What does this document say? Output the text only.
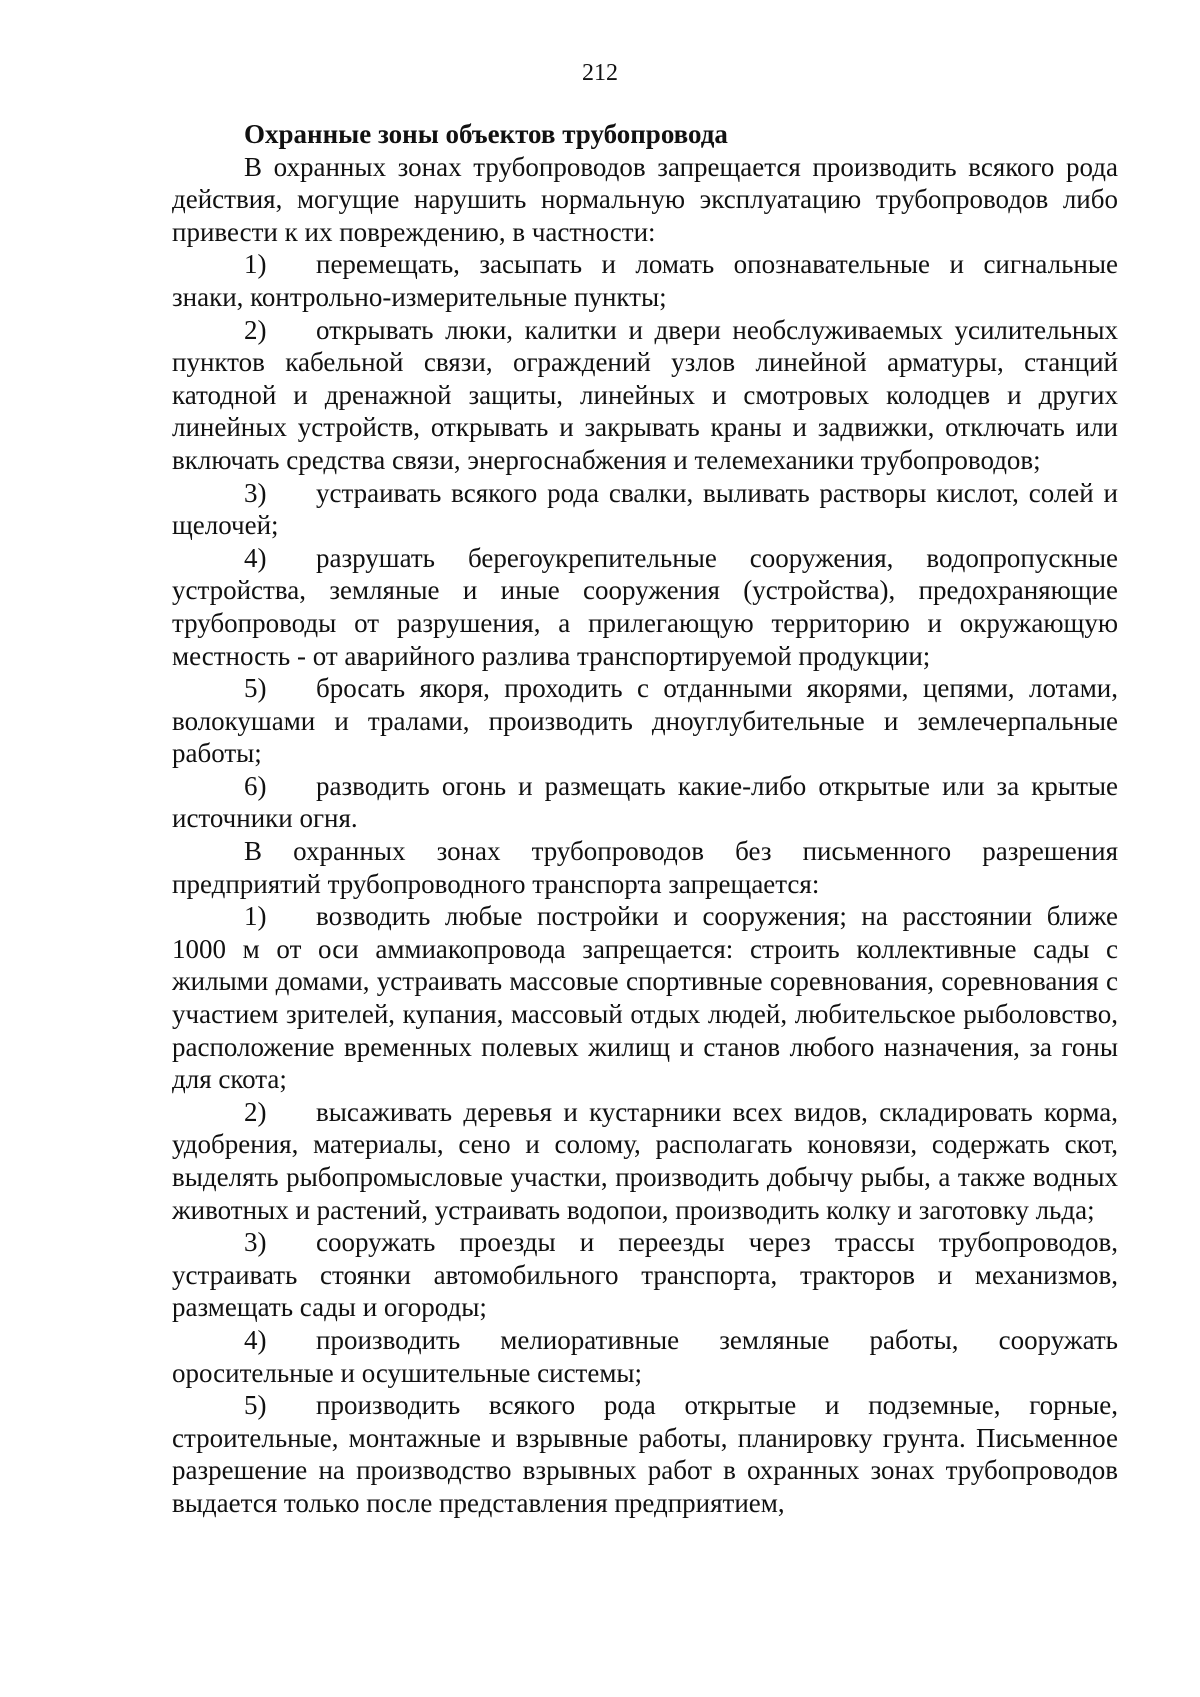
212

Охранные зоны объектов трубопровода

В охранных зонах трубопроводов запрещается производить всякого рода действия, могущие нарушить нормальную эксплуатацию трубопроводов либо привести к их повреждению, в частности:

1) перемещать, засыпать и ломать опознавательные и сигнальные знаки, контрольно-измерительные пункты;

2) открывать люки, калитки и двери необслуживаемых усилительных пунктов кабельной связи, ограждений узлов линейной арматуры, станций катодной и дренажной защиты, линейных и смотровых колодцев и других линейных устройств, открывать и закрывать краны и задвижки, отключать или включать средства связи, энергоснабжения и телемеханики трубопроводов;

3) устраивать всякого рода свалки, выливать растворы кислот, солей и щелочей;

4) разрушать берегоукрепительные сооружения, водопропускные устройства, земляные и иные сооружения (устройства), предохраняющие трубопроводы от разрушения, а прилегающую территорию и окружающую местность - от аварийного разлива транспортируемой продукции;

5) бросать якоря, проходить с отданными якорями, цепями, лотами, волокушами и тралами, производить дноуглубительные и землечерпальные работы;

6) разводить огонь и размещать какие-либо открытые или за крытые источники огня.

В охранных зонах трубопроводов без письменного разрешения предприятий трубопроводного транспорта запрещается:

1) возводить любые постройки и сооружения; на расстоянии ближе 1000 м от оси аммиакопровода запрещается: строить коллективные сады с жилыми домами, устраивать массовые спортивные соревнования, соревнования с участием зрителей, купания, массовый отдых людей, любительское рыболовство, расположение временных полевых жилищ и станов любого назначения, за гоны для скота;

2) высаживать деревья и кустарники всех видов, складировать корма, удобрения, материалы, сено и солому, располагать коновязи, содержать скот, выделять рыбопромысловые участки, производить добычу рыбы, а также водных животных и растений, устраивать водопои, производить колку и заготовку льда;

3) сооружать проезды и переезды через трассы трубопроводов, устраивать стоянки автомобильного транспорта, тракторов и механизмов, размещать сады и огороды;

4) производить мелиоративные земляные работы, сооружать оросительные и осушительные системы;

5) производить всякого рода открытые и подземные, горные, строительные, монтажные и взрывные работы, планировку грунта. Письменное разрешение на производство взрывных работ в охранных зонах трубопроводов выдается только после представления предприятием,
